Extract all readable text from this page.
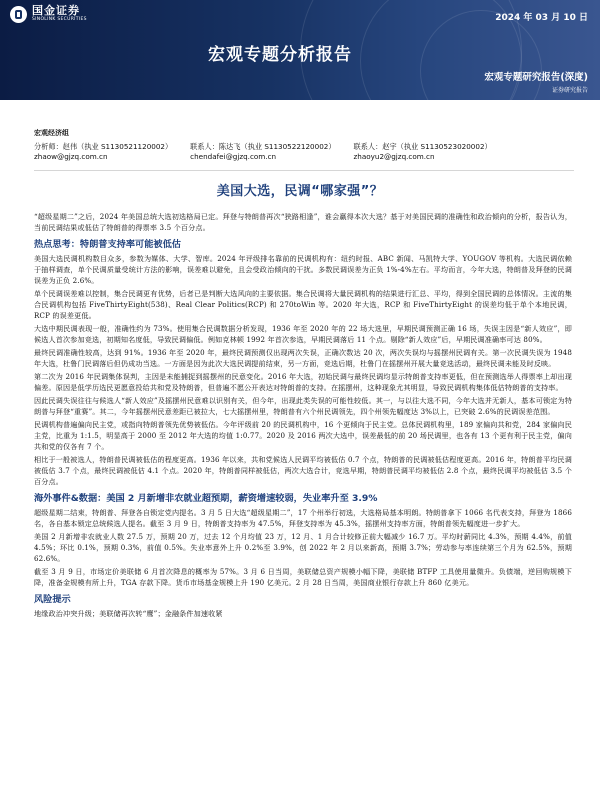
国金证券
SINOLINK SECURITIES	2024 年 03 月 10 日
宏观专题分析报告
宏观专题研究报告(深度)
证券研究报告
宏观经济组
分析师：赵伟（执业 S1130521120002）
zhaow@gjzq.com.cn
联系人：陈达飞（执业 S1130522120002）
chendafei@gjzq.com.cn
联系人：赵宇（执业 S1130523020002）
zhaoyu2@gjzq.com.cn
美国大选，民调“哪家强”？

“超级星期二”之后，2024 年美国总统大选初选格局已定。拜登与特朗普再次“狭路相逢”，谁会赢得本次大选？基于对美国民调的准确性和政治倾向的分析，报告认为，当前民调结果或低估了特朗普的得票率 3.5 个百分点。

热点思考：特朗普支持率可能被低估

美国大选民调机构数目众多，参数为媒体、大学、智库。2024 年评级排名靠前的民调机构有：纽约时报、ABC 新闻、马凯特大学、YOUGOV 等机构。大选民调依赖于抽样调查，单个民调质量受统计方法的影响，误差难以避免，且会受政治倾向的干扰。多数民调误差为正负 1%-4%左右。平均而言，今年大选，特朗普及拜登的民调误差为正负 2.6%。

单个民调误差难以控制，集合民调更有优势，后者已是判断大选风向的主要依据。集合民调将大量民调机构的结果进行汇总、平均，得到全国民调的总体情况。主流的集合民调机构包括 FiveThirtyEight(538)、Real Clear Politics(RCP) 和 270toWin 等。2020 年大选，RCP 和 FiveThirtyEight 的误差均低于单个本地民调，RCP 的误差更低。

大选中期民调表现一般，准确性约为 73%。使用集合民调数据分析发现，1936 年至 2020 年的 22 场大选里，早期民调预测正确 16 场，失误主因是“新人效应”，即候选人首次参加竞选，初期知名度低，导致民调偏低。例如克林顿 1992 年首次参选，早期民调落后 11 个点。剔除“新人效应”后，早期民调准确率可达 80%。

最终民调准确性较高，达到 91%。1936 年至 2020 年，最终民调预测仅出现两次失误，正确次数达 20 次，两次失误均与摇摆州民调有关。第一次民调失误为 1948 年大选，杜鲁门民调落后但仍成功当选。一方面是因为此次大选民调提前结束，另一方面，竞选后期，杜鲁门在摇摆州开展大量竞选活动，最终民调未能及时反映。

第二次为 2016 年民调集体误判，主因是未能捕捉到摇摆州的民意变化。2016 年大选，初始民调与最终民调均显示特朗普支持率更低，但在预测选举人得票率上却出现偏差。原因是低学历选民更愿意投给共和党及特朗普，但普遍不愿公开表达对特朗普的支持。在摇摆州，这种现象尤其明显，导致民调机构集体低估特朗普的支持率。

因此民调失误往往与候选人“新人效应”及摇摆州民意难以识别有关，但今年，出现此类失误的可能性较低。其一，与以往大选不同，今年大选并无新人，基本可锁定为特朗普与拜登“重赛”。其二，今年摇摆州民意差距已被拉大，七大摇摆州里，特朗普有六个州民调领先，四个州领先幅度达 3%以上，已突破 2.6%的民调误差范围。

民调机构普遍偏向民主党，或指向特朗普领先优势被低估。今年评级前 20 的民调机构中，16 个更倾向于民主党。总体民调机构里，189 家偏向共和党，284 家偏向民主党，比重为 1:1.5，明显高于 2000 至 2012 年大选的均值 1:0.77。2020 及 2016 两次大选中，误差最低的前 20 场民调里，也各有 13 个更有利于民主党，偏向共和党的仅各有 7 个。

相比于一般被选人，特朗普民调被低估的程度更高。1936 年以来，共和党候选人民调平均被低估 0.7 个点，特朗普的民调被低估程度更高。2016 年，特朗普平均民调被低估 3.7 个点，最终民调被低估 4.1 个点。2020 年，特朗普同样被低估，两次大选合计，竞选早期，特朗普民调平均被低估 2.8 个点，最终民调平均被低估 3.5 个百分点。

海外事件&数据：美国 2 月新增非农就业超预期，薪资增速较弱，失业率升至 3.9%

超级星期二结束，特朗普、拜登各自锁定党内提名。3 月 5 日大选“超级星期二”，17 个州举行初选，大选格局基本明朗。特朗普拿下 1066 名代表支持，拜登为 1866 名，各自基本锁定总统候选人提名。截至 3 月 9 日，特朗普支持率为 47.5%，拜登支持率为 45.3%，摇摆州支持率方面，特朗普领先幅度进一步扩大。

美国 2 月新增非农就业人数 27.5 万，预期 20 万，过去 12 个月均值 23 万，12 月、1 月合计较修正前大幅减少 16.7 万。平均时薪同比 4.3%，预期 4.4%，前值 4.5%；环比 0.1%，预期 0.3%，前值 0.5%。失业率意外上升 0.2%至 3.9%，创 2022 年 2 月以来新高，预期 3.7%；劳动参与率连续第三个月为 62.5%，预期 62.6%。

截至 3 月 9 日，市场定价美联储 6 月首次降息的概率为 57%。3 月 6 日当周，美联储总资产规模小幅下降，美联储 BTFP 工具使用量微升。负债端，逆回购规模下降，准备金规模有所上升，TGA 存款下降。货币市场基金规模上升 190 亿美元。2 月 28 日当周，美国商业银行存款上升 860 亿美元。

风险提示

地缘政治冲突升级；美联储再次转“鹰”；金融条件加速收紧
